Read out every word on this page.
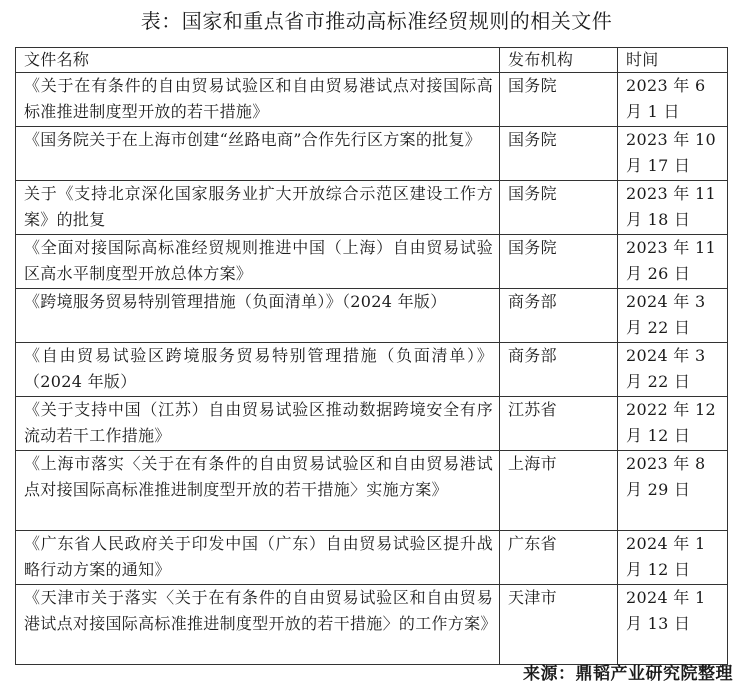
表：国家和重点省市推动高标准经贸规则的相关文件
文件名称	发布机构	时间
《关于在有条件的自由贸易试验区和自由贸易港试点对接国际高标准推进制度型开放的若干措施》	国务院	2023 年 6 月 1 日
《国务院关于在上海市创建“丝路电商”合作先行区方案的批复》	国务院	2023 年 10 月 17 日
关于《支持北京深化国家服务业扩大开放综合示范区建设工作方案》的批复	国务院	2023 年 11 月 18 日
《全面对接国际高标准经贸规则推进中国（上海）自由贸易试验区高水平制度型开放总体方案》	国务院	2023 年 11 月 26 日
《跨境服务贸易特别管理措施（负面清单）》（2024 年版）	商务部	2024 年 3 月 22 日
《自由贸易试验区跨境服务贸易特别管理措施（负面清单）》（2024 年版）	商务部	2024 年 3 月 22 日
《关于支持中国（江苏）自由贸易试验区推动数据跨境安全有序流动若干工作措施》	江苏省	2022 年 12 月 12 日
《上海市落实〈关于在有条件的自由贸易试验区和自由贸易港试点对接国际高标准推进制度型开放的若干措施〉实施方案》	上海市	2023 年 8 月 29 日
《广东省人民政府关于印发中国（广东）自由贸易试验区提升战略行动方案的通知》	广东省	2024 年 1 月 12 日
《天津市关于落实〈关于在有条件的自由贸易试验区和自由贸易港试点对接国际高标准推进制度型开放的若干措施〉的工作方案》	天津市	2024 年 1 月 13 日
来源：鼎韬产业研究院整理
